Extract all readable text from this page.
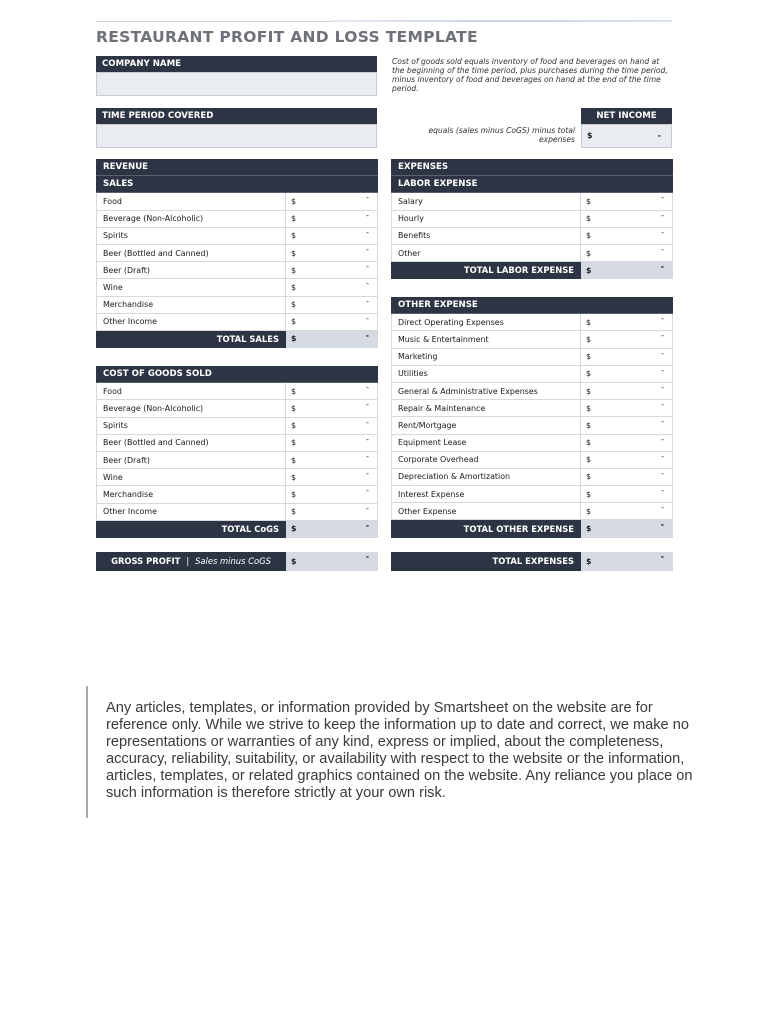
RESTAURANT PROFIT AND LOSS TEMPLATE
COMPANY NAME	Cost of goods sold equals inventory of food and beverages on hand at the beginning of the time period, plus purchases during the time period, minus inventory of food and beverages on hand at the end of the time period.
TIME PERIOD COVERED	NET INCOME
equals (sales minus CoGS) minus total expenses $	-
REVENUE	
SALES	
Food	$ -

Beverage (Non-Alcoholic)	$ -

Spirits	$ -

Beer (Bottled and Canned)	$ -

Beer (Draft)	$ -

Wine	$ -

Merchandise	$ -

Other Income	$ -

TOTAL SALES	$ -
COST OF GOODS SOLD	
Food	$ -

Beverage (Non-Alcoholic)	$ -

Spirits	$ -

Beer (Bottled and Canned)	$ -

Beer (Draft)	$ -

Wine	$ -

Merchandise	$ -

Other Income	$ -

TOTAL CoGS	$ -
GROSS PROFIT | Sales minus CoGS	$	-
EXPENSES	
LABOR EXPENSE	
Salary	$ -

Hourly	$ -

Benefits	$ -

Other	$ -

TOTAL LABOR EXPENSE	$ -
OTHER EXPENSE	
Direct Operating Expenses	$ -

Music & Entertainment	$ -

Marketing	$ -

Utilities	$ -

General & Administrative Expenses	$ -

Repair & Maintenance	$ -

Rent/Mortgage	$ -

Equipment Lease	$ -

Corporate Overhead	$ -

Depreciation & Amortization	$ -

Interest Expense	$ -

Other Expense	$ -

TOTAL OTHER EXPENSE	$ -
TOTAL EXPENSES	$	-
Any articles, templates, or information provided by Smartsheet on the website are for reference only. While we strive to keep the information up to date and correct, we make no representations or warranties of any kind, express or implied, about the completeness, accuracy, reliability, suitability, or availability with respect to the website or the information, articles, templates, or related graphics contained on the website. Any reliance you place on such information is therefore strictly at your own risk.
